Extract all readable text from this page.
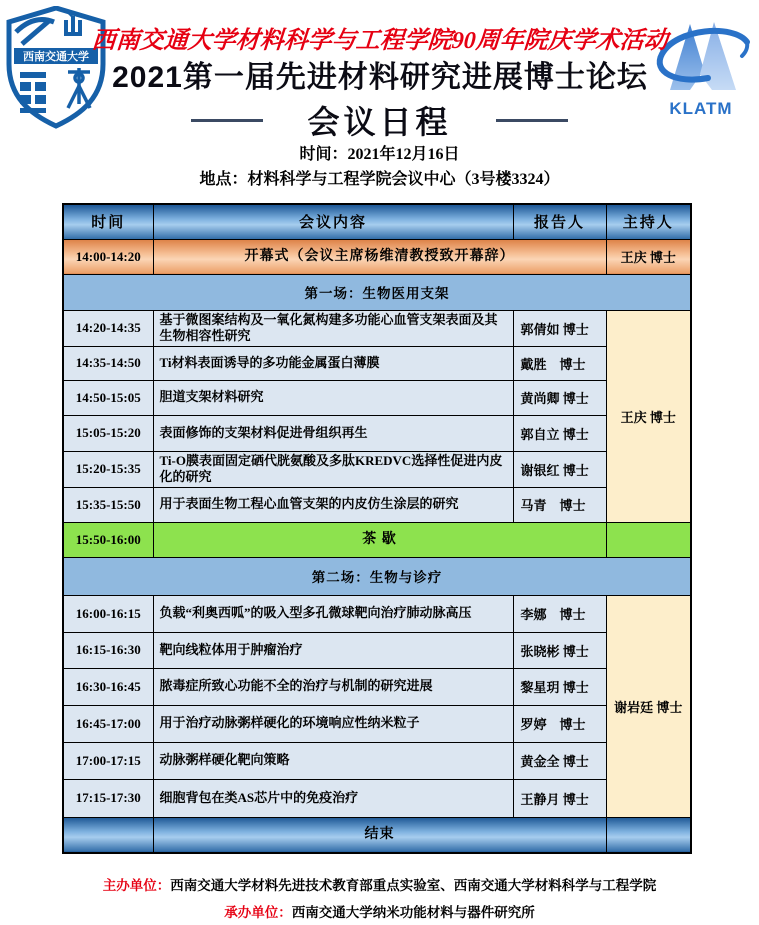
西南交通大学
KLATM
西南交通大学材料科学与工程学院90周年院庆学术活动
2021第一届先进材料研究进展博士论坛
会议日程
时间：2021年12月16日
地点：材料科学与工程学院会议中心（3号楼3324）
时间	会议内容	报告人	主持人
14:00-14:20	开幕式（会议主席杨维清教授致开幕辞）		王庆 博士
第一场：生物医用支架			
14:20-14:35	基于微图案结构及一氧化氮构建多功能心血管支架表面及其生物相容性研究	郭倩如 博士	王庆 博士
14:35-14:50	Ti材料表面诱导的多功能金属蛋白薄膜	戴胜　博士	
14:50-15:05	胆道支架材料研究	黄尚卿 博士	
15:05-15:20	表面修饰的支架材料促进骨组织再生	郭自立 博士	
15:20-15:35	Ti-O膜表面固定硒代胱氨酸及多肽KREDVC选择性促进内皮化的研究	谢银红 博士	
15:35-15:50	用于表面生物工程心血管支架的内皮仿生涂层的研究	马青　博士	
15:50-16:00	茶 歇		
第二场：生物与诊疗			
16:00-16:15	负载“利奥西呱”的吸入型多孔微球靶向治疗肺动脉高压	李娜　博士	谢岩廷 博士
16:15-16:30	靶向线粒体用于肿瘤治疗	张晓彬 博士	
16:30-16:45	脓毒症所致心功能不全的治疗与机制的研究进展	黎星玥 博士	
16:45-17:00	用于治疗动脉粥样硬化的环境响应性纳米粒子	罗婷　博士	
17:00-17:15	动脉粥样硬化靶向策略	黄金全 博士	
17:15-17:30	细胞背包在类AS芯片中的免疫治疗	王静月 博士	
	结束		
主办单位：西南交通大学材料先进技术教育部重点实验室、西南交通大学材料科学与工程学院
承办单位：西南交通大学纳米功能材料与器件研究所
